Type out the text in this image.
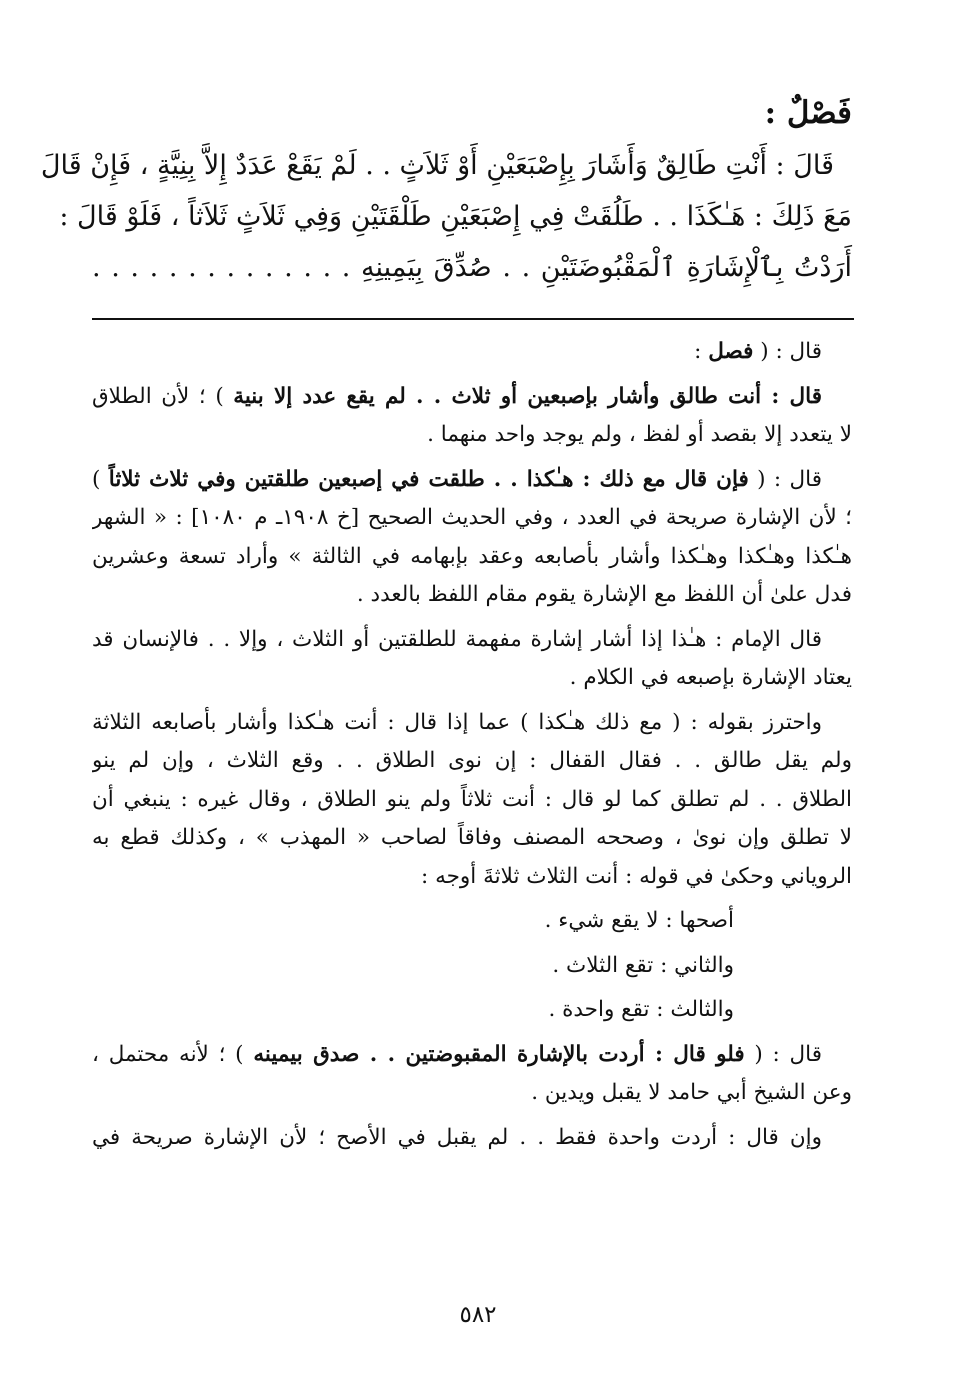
فَصْلٌ :
قَالَ : أَنْتِ طَالِقٌ وَأَشَارَ بِإِصْبَعَيْنِ أَوْ ثَلاَثٍ . . لَمْ يَقَعْ عَدَدٌ إِلاَّ بِنِيَّةٍ ، فَإِنْ قَالَ
مَعَ ذَلِكَ : هَـٰكَذَا . . طَلُقَتْ فِي إِصْبَعَيْنِ طَلْقَتَيْنِ وَفِي ثَلاَثٍ ثَلاَثاً ، فَلَوْ قَالَ :
أَرَدْتُ بِٱلْإِشَارَةِ ٱلْمَقْبُوضَتَيْنِ . . صُدِّقَ بِيَمِينِهِ . . . . . . . . . . . . . .
قال : ( فصل :
قال : أنت طالق وأشار بإصبعين أو ثلاث . . لم يقع عدد إلا بنية ) ؛ لأن الطلاق
لا يتعدد إلا بقصد أو لفظ ، ولم يوجد واحد منهما .
قال : ( فإن قال مع ذلك : هـٰكذا . . طلقت في إصبعين طلقتين وفي ثلاث ثلاثاً )
؛ لأن الإشارة صريحة في العدد ، وفي الحديث الصحيح [خ ١٩٠٨ـ م ١٠٨٠] : « الشهر
هـٰكذا وهـٰكذا وهـٰكذا وأشار بأصابعه وعقد بإبهامه في الثالثة » وأراد تسعة وعشرين
فدل علىٰ أن اللفظ مع الإشارة يقوم مقام اللفظ بالعدد .
قال الإمام : هـٰذا إذا أشار إشارة مفهمة للطلقتين أو الثلاث ، وإلا . . فالإنسان قد
يعتاد الإشارة بإصبعه في الكلام .
واحترز بقوله : ( مع ذلك هـٰكذا ) عما إذا قال : أنت هـٰكذا وأشار بأصابعه الثلاثة
ولم يقل طالق . . فقال القفال : إن نوى الطلاق . . وقع الثلاث ، وإن لم ينو
الطلاق . . لم تطلق كما لو قال : أنت ثلاثاً ولم ينو الطلاق ، وقال غيره : ينبغي أن
لا تطلق وإن نوىٰ ، وصححه المصنف وفاقاً لصاحب « المهذب » ، وكذلك قطع به
الروياني وحكىٰ في قوله : أنت الثلاث ثلاثةَ أوجه :
أصحها : لا يقع شيء .
والثاني : تقع الثلاث .
والثالث : تقع واحدة .
قال : ( فلو قال : أردت بالإشارة المقبوضتين . . صدق بيمينه ) ؛ لأنه محتمل ،
وعن الشيخ أبي حامد لا يقبل ويدين .
وإن قال : أردت واحدة فقط . . لم يقبل في الأصح ؛ لأن الإشارة صريحة في
٥٨٢
